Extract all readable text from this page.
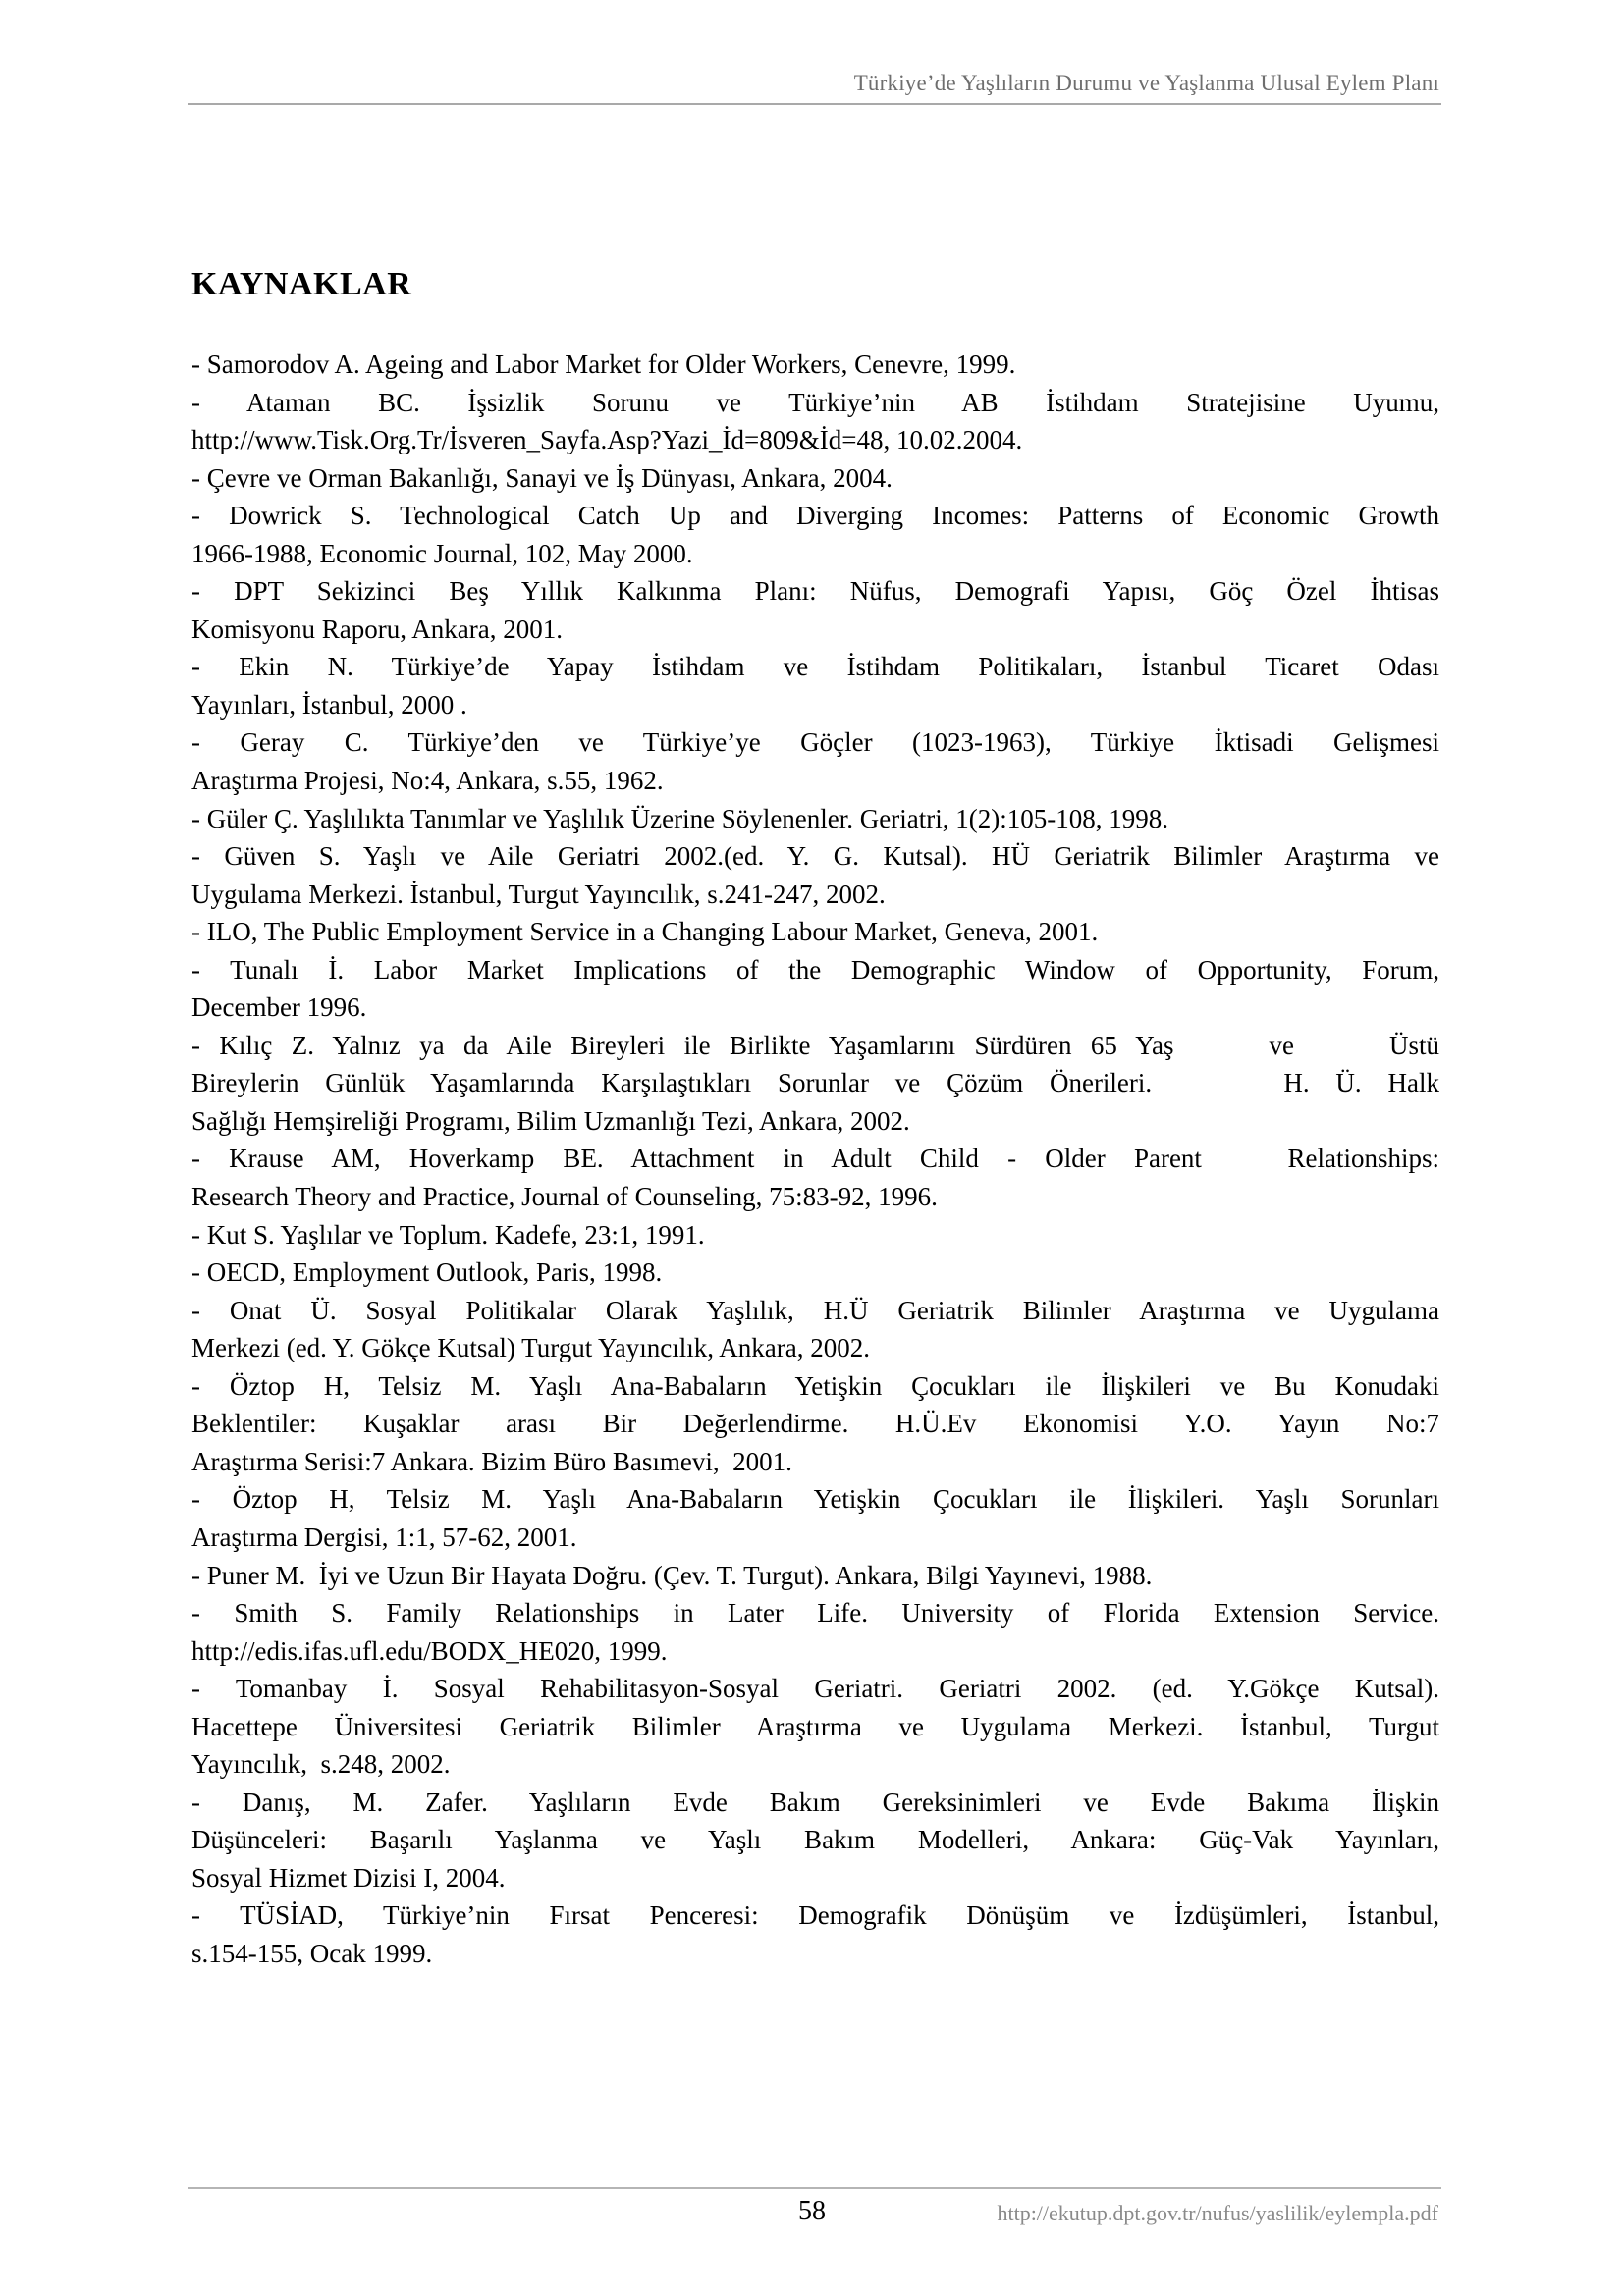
Türkiye’de Yaşlıların Durumu ve Yaşlanma Ulusal Eylem Planı
KAYNAKLAR
- Samorodov A. Ageing and Labor Market for Older Workers, Cenevre, 1999.
- Ataman BC. İşsizlik Sorunu ve Türkiye’nin AB İstihdam Stratejisine Uyumu,
http://www.Tisk.Org.Tr/İsveren_Sayfa.Asp?Yazi_İd=809&İd=48, 10.02.2004.
- Çevre ve Orman Bakanlığı, Sanayi ve İş Dünyası, Ankara, 2004.
- Dowrick S. Technological Catch Up and Diverging Incomes: Patterns of Economic Growth
1966-1988, Economic Journal, 102, May 2000.
- DPT Sekizinci Beş Yıllık Kalkınma Planı: Nüfus, Demografi Yapısı, Göç Özel İhtisas
Komisyonu Raporu, Ankara, 2001.
- Ekin N. Türkiye’de Yapay İstihdam ve İstihdam Politikaları, İstanbul Ticaret Odası
Yayınları, İstanbul, 2000 .
- Geray C. Türkiye’den ve Türkiye’ye Göçler (1023-1963), Türkiye İktisadi Gelişmesi
Araştırma Projesi, No:4, Ankara, s.55, 1962.
- Güler Ç. Yaşlılıkta Tanımlar ve Yaşlılık Üzerine Söylenenler. Geriatri, 1(2):105-108, 1998.
- Güven S. Yaşlı ve Aile Geriatri 2002.(ed. Y. G. Kutsal). HÜ Geriatrik Bilimler Araştırma ve
Uygulama Merkezi. İstanbul, Turgut Yayıncılık, s.241-247, 2002.
- ILO, The Public Employment Service in a Changing Labour Market, Geneva, 2001.
- Tunalı İ. Labor Market Implications of the Demographic Window of Opportunity, Forum,
December 1996.
- Kılıç Z. Yalnız ya da Aile Bireyleri ile Birlikte Yaşamlarını Sürdüren 65 Yaş     ve     Üstü
Bireylerin Günlük Yaşamlarında Karşılaştıkları Sorunlar ve Çözüm Önerileri.     H. Ü. Halk
Sağlığı Hemşireliği Programı, Bilim Uzmanlığı Tezi, Ankara, 2002.
- Krause AM, Hoverkamp BE. Attachment in Adult Child - Older Parent   Relationships:
Research Theory and Practice, Journal of Counseling, 75:83-92, 1996.
- Kut S. Yaşlılar ve Toplum. Kadefe, 23:1, 1991.
- OECD, Employment Outlook, Paris, 1998.
- Onat Ü. Sosyal Politikalar Olarak Yaşlılık, H.Ü Geriatrik Bilimler Araştırma ve Uygulama
Merkezi (ed. Y. Gökçe Kutsal) Turgut Yayıncılık, Ankara, 2002.
- Öztop H, Telsiz M. Yaşlı Ana-Babaların Yetişkin Çocukları ile İlişkileri ve Bu Konudaki
Beklentiler: Kuşaklar arası Bir Değerlendirme. H.Ü.Ev Ekonomisi Y.O. Yayın No:7
Araştırma Serisi:7 Ankara. Bizim Büro Basımevi,  2001.
- Öztop H, Telsiz M. Yaşlı Ana-Babaların Yetişkin Çocukları ile İlişkileri. Yaşlı Sorunları
Araştırma Dergisi, 1:1, 57-62, 2001.
- Puner M.  İyi ve Uzun Bir Hayata Doğru. (Çev. T. Turgut). Ankara, Bilgi Yayınevi, 1988.
- Smith S. Family Relationships in Later Life. University of Florida Extension Service.
http://edis.ifas.ufl.edu/BODX_HE020, 1999.
- Tomanbay İ. Sosyal Rehabilitasyon-Sosyal Geriatri. Geriatri 2002. (ed. Y.Gökçe Kutsal).
Hacettepe Üniversitesi Geriatrik Bilimler Araştırma ve Uygulama Merkezi. İstanbul, Turgut
Yayıncılık,  s.248, 2002.
- Danış, M. Zafer. Yaşlıların Evde Bakım Gereksinimleri ve Evde Bakıma İlişkin
Düşünceleri: Başarılı Yaşlanma ve Yaşlı Bakım Modelleri, Ankara: Güç-Vak Yayınları,
Sosyal Hizmet Dizisi I, 2004.
- TÜSİAD, Türkiye’nin Fırsat Penceresi: Demografik Dönüşüm ve İzdüşümleri, İstanbul,
s.154-155, Ocak 1999.
58	http://ekutup.dpt.gov.tr/nufus/yaslilik/eylempla.pdf
